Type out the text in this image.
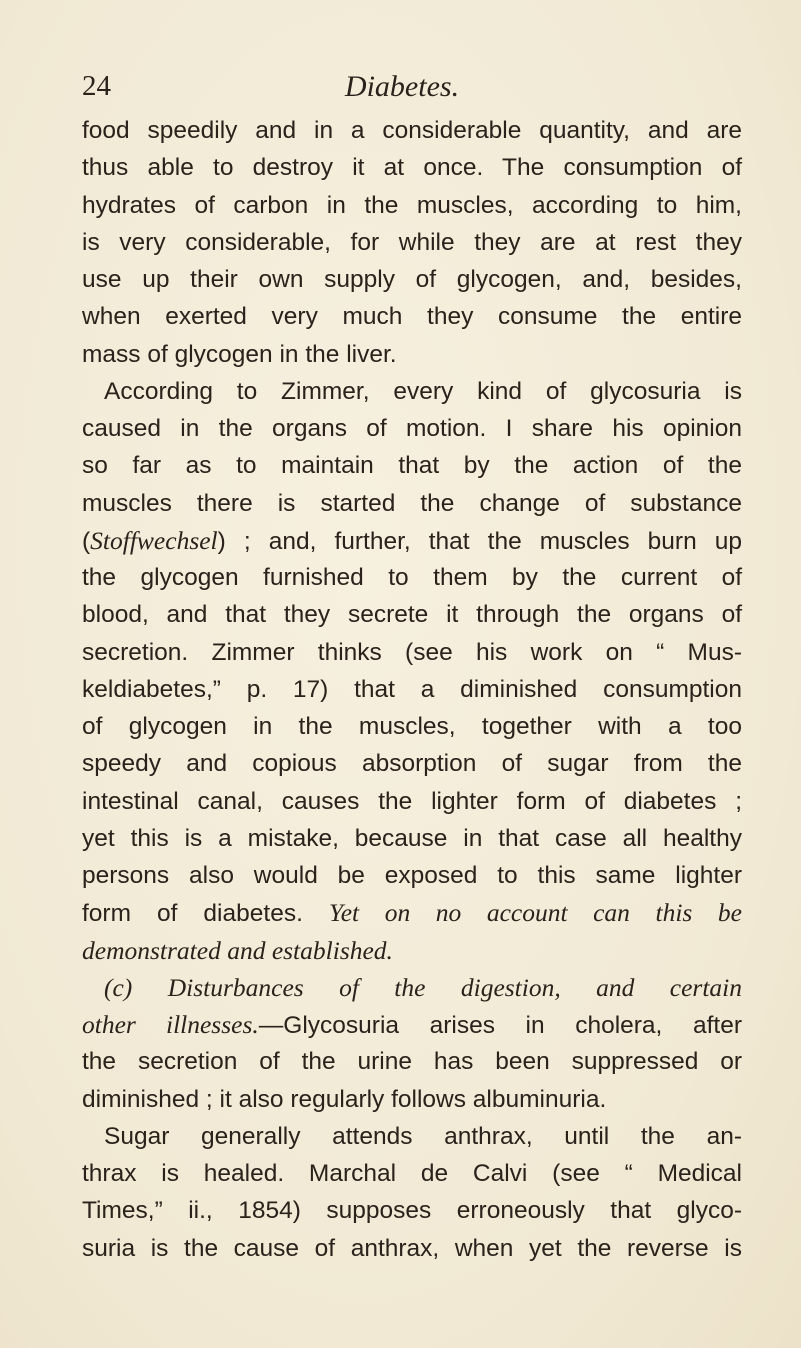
24	Diabetes.
food speedily and in a considerable quantity, and are
thus able to destroy it at once. The consumption of
hydrates of carbon in the muscles, according to him,
is very considerable, for while they are at rest they
use up their own supply of glycogen, and, besides,
when exerted very much they consume the entire
mass of glycogen in the liver.
According to Zimmer, every kind of glycosuria is
caused in the organs of motion. I share his opinion
so far as to maintain that by the action of the
muscles there is started the change of substance
(Stoffwechsel) ; and, further, that the muscles burn up
the glycogen furnished to them by the current of
blood, and that they secrete it through the organs of
secretion. Zimmer thinks (see his work on “ Mus-
keldiabetes,” p. 17) that a diminished consumption
of glycogen in the muscles, together with a too
speedy and copious absorption of sugar from the
intestinal canal, causes the lighter form of diabetes ;
yet this is a mistake, because in that case all healthy
persons also would be exposed to this same lighter
form of diabetes. Yet on no account can this be
demonstrated and established.
(c) Disturbances of the digestion, and certain
other illnesses.—Glycosuria arises in cholera, after
the secretion of the urine has been suppressed or
diminished ; it also regularly follows albuminuria.
Sugar generally attends anthrax, until the an-
thrax is healed. Marchal de Calvi (see “ Medical
Times,” ii., 1854) supposes erroneously that glyco-
suria is the cause of anthrax, when yet the reverse is
